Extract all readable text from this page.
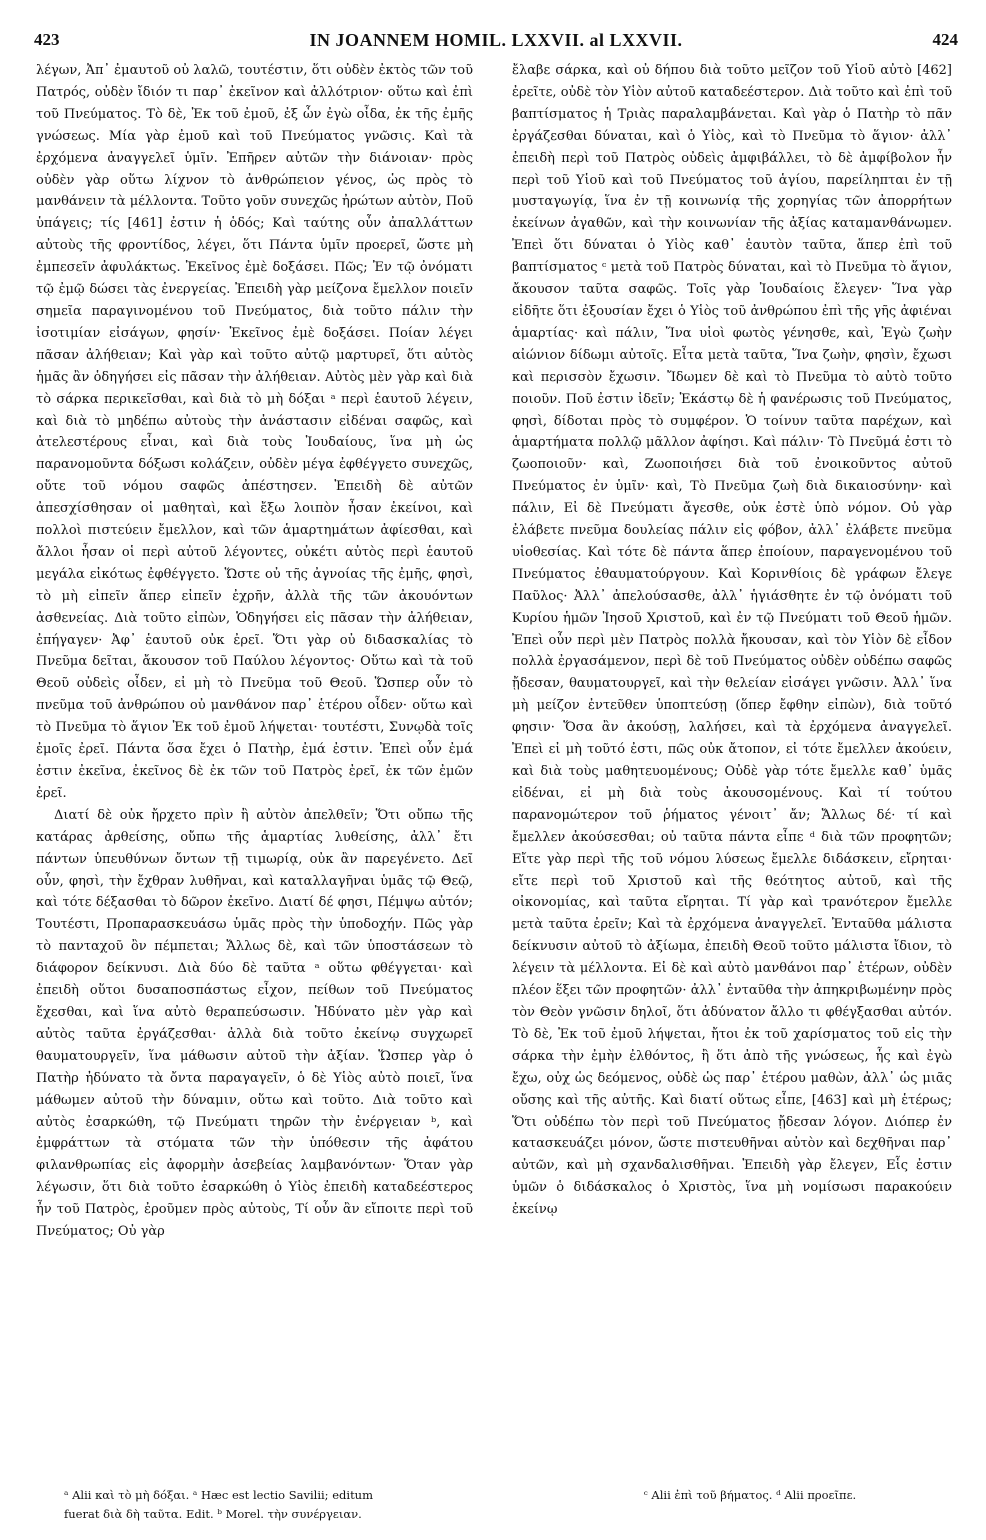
423	IN JOANNEM HOMIL. LXXVII. al LXXVII.	424

λέγων, Ἀπ᾽ ἐμαυτοῦ οὐ λαλῶ, τουτέστιν, ὅτι οὐδὲν ἐκτὸς τῶν τοῦ Πατρός, οὐδὲν ἴδιόν τι παρ᾽ ἐκεῖνον καὶ ἀλλότριον· οὕτω καὶ ἐπὶ τοῦ Πνεύματος. Τὸ δὲ, Ἐκ τοῦ ἐμοῦ, ἐξ ὧν ἐγὼ οἶδα, ἐκ τῆς ἐμῆς γνώσεως. Μία γὰρ ἐμοῦ καὶ τοῦ Πνεύματος γνῶσις. Καὶ τὰ ἐρχόμενα ἀναγγελεῖ ὑμῖν. Ἐπῆρεν αὐτῶν τὴν διάνοιαν· πρὸς οὐδὲν γὰρ οὕτω λίχνον τὸ ἀνθρώπειον γένος, ὡς πρὸς τὸ μανθάνειν τὰ μέλλοντα. Τοῦτο γοῦν συνεχῶς ἠρώτων αὐτὸν, Ποῦ ὑπάγεις; τίς [461] ἐστιν ἡ ὁδός; Καὶ ταύτης οὖν ἀπαλλάττων αὐτοὺς τῆς φροντίδος, λέγει, ὅτι Πάντα ὑμῖν προερεῖ, ὥστε μὴ ἐμπεσεῖν ἀφυλάκτως. Ἐκεῖνος ἐμὲ δοξάσει. Πῶς; Ἐν τῷ ὀνόματι τῷ ἐμῷ δώσει τὰς ἐνεργείας. Ἐπειδὴ γὰρ μείζονα ἔμελλον ποιεῖν σημεῖα παραγινομένου τοῦ Πνεύματος, διὰ τοῦτο πάλιν τὴν ἰσοτιμίαν εἰσάγων, φησίν· Ἐκεῖνος ἐμὲ δοξάσει. Ποίαν λέγει πᾶσαν ἀλήθειαν; Καὶ γὰρ καὶ τοῦτο αὐτῷ μαρτυρεῖ, ὅτι αὐτὸς ἡμᾶς ἂν ὁδηγήσει εἰς πᾶσαν τὴν ἀλήθειαν. Αὐτὸς μὲν γὰρ καὶ διὰ τὸ σάρκα περικεῖσθαι, καὶ διὰ τὸ μὴ δόξαι ᵃ περὶ ἑαυτοῦ λέγειν, καὶ διὰ τὸ μηδέπω αὐτοὺς τὴν ἀνάστασιν εἰδέναι σαφῶς, καὶ ἀτελεστέρους εἶναι, καὶ διὰ τοὺς Ἰουδαίους, ἵνα μὴ ὡς παρανομοῦντα δόξωσι κολάζειν, οὐδὲν μέγα ἐφθέγγετο συνεχῶς, οὔτε τοῦ νόμου σαφῶς ἀπέστησεν. Ἐπειδὴ δὲ αὐτῶν ἀπεσχίσθησαν οἱ μαθηταὶ, καὶ ἔξω λοιπὸν ἦσαν ἐκείνοι, καὶ πολλοὶ πιστεύειν ἔμελλον, καὶ τῶν ἁμαρτημάτων ἀφίεσθαι, καὶ ἄλλοι ἦσαν οἱ περὶ αὐτοῦ λέγοντες, οὐκέτι αὐτὸς περὶ ἑαυτοῦ μεγάλα εἰκότως ἐφθέγγετο. Ὥστε οὐ τῆς ἀγνοίας τῆς ἐμῆς, φησὶ, τὸ μὴ εἰπεῖν ἅπερ εἰπεῖν ἐχρῆν, ἀλλὰ τῆς τῶν ἀκουόντων ἀσθενείας. Διὰ τοῦτο εἰπὼν, Ὁδηγήσει εἰς πᾶσαν τὴν ἀλήθειαν, ἐπήγαγεν· Ἀφ᾽ ἑαυτοῦ οὐκ ἐρεῖ. Ὅτι γὰρ οὐ διδασκαλίας τὸ Πνεῦμα δεῖται, ἄκουσον τοῦ Παύλου λέγοντος· Οὕτω καὶ τὰ τοῦ Θεοῦ οὐδεὶς οἶδεν, εἰ μὴ τὸ Πνεῦμα τοῦ Θεοῦ. Ὥσπερ οὖν τὸ πνεῦμα τοῦ ἀνθρώπου οὐ μανθάνον παρ᾽ ἑτέρου οἶδεν· οὕτω καὶ τὸ Πνεῦμα τὸ ἅγιον Ἐκ τοῦ ἐμοῦ λήψεται· τουτέστι, Συνῳδὰ τοῖς ἐμοῖς ἐρεῖ. Πάντα ὅσα ἔχει ὁ Πατὴρ, ἐμά ἐστιν. Ἐπεὶ οὖν ἐμά ἐστιν ἐκεῖνα, ἐκεῖνος δὲ ἐκ τῶν τοῦ Πατρὸς ἐρεῖ, ἐκ τῶν ἐμῶν ἐρεῖ.

Διατί δὲ οὐκ ἤρχετο πρὶν ἢ αὐτὸν ἀπελθεῖν; Ὅτι οὔπω τῆς κατάρας ἀρθείσης, οὔπω τῆς ἁμαρτίας λυθείσης, ἀλλ᾽ ἔτι πάντων ὑπευθύνων ὄντων τῇ τιμωρίᾳ, οὐκ ἂν παρεγένετο. Δεῖ οὖν, φησὶ, τὴν ἔχθραν λυθῆναι, καὶ καταλλαγῆναι ὑμᾶς τῷ Θεῷ, καὶ τότε δέξασθαι τὸ δῶρον ἐκεῖνο. Διατί δέ φησι, Πέμψω αὐτόν; Τουτέστι, Προπαρασκευάσω ὑμᾶς πρὸς τὴν ὑποδοχήν. Πῶς γὰρ τὸ πανταχοῦ ὂν πέμπεται; Ἄλλως δὲ, καὶ τῶν ὑποστάσεων τὸ διάφορον δείκνυσι. Διὰ δύο δὲ ταῦτα ᵃ οὕτω φθέγγεται· καὶ ἐπειδὴ οὕτοι δυσαποσπάστως εἶχον, πείθων τοῦ Πνεύματος ἔχεσθαι, καὶ ἵνα αὐτὸ θεραπεύσωσιν. Ἠδύνατο μὲν γὰρ καὶ αὐτὸς ταῦτα ἐργάζεσθαι· ἀλλὰ διὰ τοῦτο ἐκείνῳ συγχωρεῖ θαυματουργεῖν, ἵνα μάθωσιν αὐτοῦ τὴν ἀξίαν. Ὥσπερ γὰρ ὁ Πατὴρ ἠδύνατο τὰ ὄντα παραγαγεῖν, ὁ δὲ Υἱὸς αὐτὸ ποιεῖ, ἵνα μάθωμεν αὐτοῦ τὴν δύναμιν, οὕτω καὶ τοῦτο. Διὰ τοῦτο καὶ αὐτὸς ἐσαρκώθη, τῷ Πνεύματι τηρῶν τὴν ἐνέργειαν ᵇ, καὶ ἐμφράττων τὰ στόματα τῶν τὴν ὑπόθεσιν τῆς ἀφάτου φιλανθρωπίας εἰς ἀφορμὴν ἀσεβείας λαμβανόντων· Ὅταν γὰρ λέγωσιν, ὅτι διὰ τοῦτο ἐσαρκώθη ὁ Υἱὸς ἐπειδὴ καταδεέστερος ἦν τοῦ Πατρὸς, ἐροῦμεν πρὸς αὐτοὺς, Τί οὖν ἂν εἴποιτε περὶ τοῦ Πνεύματος; Οὐ γὰρ

ἔλαβε σάρκα, καὶ οὐ δήπου διὰ τοῦτο μεῖζον τοῦ Υἱοῦ αὐτὸ [462] ἐρεῖτε, οὐδὲ τὸν Υἱὸν αὐτοῦ καταδεέστερον. Διὰ τοῦτο καὶ ἐπὶ τοῦ βαπτίσματος ἡ Τριὰς παραλαμβάνεται. Καὶ γὰρ ὁ Πατὴρ τὸ πᾶν ἐργάζεσθαι δύναται, καὶ ὁ Υἱὸς, καὶ τὸ Πνεῦμα τὸ ἅγιον· ἀλλ᾽ ἐπειδὴ περὶ τοῦ Πατρὸς οὐδεὶς ἀμφιβάλλει, τὸ δὲ ἀμφίβολον ἦν περὶ τοῦ Υἱοῦ καὶ τοῦ Πνεύματος τοῦ ἁγίου, παρείληπται ἐν τῇ μυσταγωγίᾳ, ἵνα ἐν τῇ κοινωνίᾳ τῆς χορηγίας τῶν ἀπορρήτων ἐκείνων ἀγαθῶν, καὶ τὴν κοινωνίαν τῆς ἀξίας καταμανθάνωμεν. Ἐπεὶ ὅτι δύναται ὁ Υἱὸς καθ᾽ ἑαυτὸν ταῦτα, ἅπερ ἐπὶ τοῦ βαπτίσματος ᶜ μετὰ τοῦ Πατρὸς δύναται, καὶ τὸ Πνεῦμα τὸ ἅγιον, ἄκουσον ταῦτα σαφῶς. Τοῖς γὰρ Ἰουδαίοις ἔλεγεν· Ἵνα γὰρ εἰδῆτε ὅτι ἐξουσίαν ἔχει ὁ Υἱὸς τοῦ ἀνθρώπου ἐπὶ τῆς γῆς ἀφιέναι ἁμαρτίας· καὶ πάλιν, Ἵνα υἱοὶ φωτὸς γένησθε, καὶ, Ἐγὼ ζωὴν αἰώνιον δίδωμι αὐτοῖς. Εἶτα μετὰ ταῦτα, Ἵνα ζωὴν, φησὶν, ἔχωσι καὶ περισσὸν ἔχωσιν. Ἴδωμεν δὲ καὶ τὸ Πνεῦμα τὸ αὐτὸ τοῦτο ποιοῦν. Ποῦ ἐστιν ἰδεῖν; Ἑκάστῳ δὲ ἡ φανέρωσις τοῦ Πνεύματος, φησὶ, δίδοται πρὸς τὸ συμφέρον. Ὁ τοίνυν ταῦτα παρέχων, καὶ ἁμαρτήματα πολλῷ μᾶλλον ἀφίησι. Καὶ πάλιν· Τὸ Πνεῦμά ἐστι τὸ ζωοποιοῦν· καὶ, Ζωοποιήσει διὰ τοῦ ἐνοικοῦντος αὐτοῦ Πνεύματος ἐν ὑμῖν· καὶ, Τὸ Πνεῦμα ζωὴ διὰ δικαιοσύνην· καὶ πάλιν, Εἰ δὲ Πνεύματι ἄγεσθε, οὐκ ἐστὲ ὑπὸ νόμον. Οὐ γὰρ ἐλάβετε πνεῦμα δουλείας πάλιν εἰς φόβον, ἀλλ᾽ ἐλάβετε πνεῦμα υἱοθεσίας. Καὶ τότε δὲ πάντα ἅπερ ἐποίουν, παραγενομένου τοῦ Πνεύματος ἐθαυματούργουν. Καὶ Κορινθίοις δὲ γράφων ἔλεγε Παῦλος· Ἀλλ᾽ ἀπελούσασθε, ἀλλ᾽ ἡγιάσθητε ἐν τῷ ὀνόματι τοῦ Κυρίου ἡμῶν Ἰησοῦ Χριστοῦ, καὶ ἐν τῷ Πνεύματι τοῦ Θεοῦ ἡμῶν. Ἐπεὶ οὖν περὶ μὲν Πατρὸς πολλὰ ἤκουσαν, καὶ τὸν Υἱὸν δὲ εἶδον πολλὰ ἐργασάμενον, περὶ δὲ τοῦ Πνεύματος οὐδὲν οὐδέπω σαφῶς ᾔδεσαν, θαυματουργεῖ, καὶ τὴν θελείαν εἰσάγει γνῶσιν. Ἀλλ᾽ ἵνα μὴ μείζον ἐντεῦθεν ὑποπτεύσῃ (ὅπερ ἔφθην εἰπὼν), διὰ τοῦτό φησιν· Ὅσα ἂν ἀκούσῃ, λαλήσει, καὶ τὰ ἐρχόμενα ἀναγγελεῖ. Ἐπεὶ εἰ μὴ τοῦτό ἐστι, πῶς οὐκ ἄτοπον, εἰ τότε ἔμελλεν ἀκούειν, καὶ διὰ τοὺς μαθητευομένους; Οὐδὲ γὰρ τότε ἔμελλε καθ᾽ ὑμᾶς εἰδέναι, εἰ μὴ διὰ τοὺς ἀκουσομένους. Καὶ τί τούτου παρανομώτερον τοῦ ῥήματος γένοιτ᾽ ἄν; Ἄλλως δέ· τί καὶ ἔμελλεν ἀκούσεσθαι; οὐ ταῦτα πάντα εἶπε ᵈ διὰ τῶν προφητῶν; Εἴτε γὰρ περὶ τῆς τοῦ νόμου λύσεως ἔμελλε διδάσκειν, εἴρηται· εἴτε περὶ τοῦ Χριστοῦ καὶ τῆς θεότητος αὐτοῦ, καὶ τῆς οἰκονομίας, καὶ ταῦτα εἴρηται. Τί γὰρ καὶ τρανότερον ἔμελλε μετὰ ταῦτα ἐρεῖν; Καὶ τὰ ἐρχόμενα ἀναγγελεῖ. Ἐνταῦθα μάλιστα δείκνυσιν αὐτοῦ τὸ ἀξίωμα, ἐπειδὴ Θεοῦ τοῦτο μάλιστα ἴδιον, τὸ λέγειν τὰ μέλλοντα. Εἰ δὲ καὶ αὐτὸ μανθάνοι παρ᾽ ἑτέρων, οὐδὲν πλέον ἕξει τῶν προφητῶν· ἀλλ᾽ ἐνταῦθα τὴν ἀπηκριβωμένην πρὸς τὸν Θεὸν γνῶσιν δηλοῖ, ὅτι ἀδύνατον ἄλλο τι φθέγξασθαι αὐτόν. Τὸ δὲ, Ἐκ τοῦ ἐμοῦ λήψεται, ἤτοι ἐκ τοῦ χαρίσματος τοῦ εἰς τὴν σάρκα τὴν ἐμὴν ἐλθόντος, ἢ ὅτι ἀπὸ τῆς γνώσεως, ἧς καὶ ἐγὼ ἔχω, οὐχ ὡς δεόμενος, οὐδὲ ὡς παρ᾽ ἑτέρου μαθὼν, ἀλλ᾽ ὡς μιᾶς οὔσης καὶ τῆς αὐτῆς. Καὶ διατί οὕτως εἶπε, [463] καὶ μὴ ἑτέρως; Ὅτι οὐδέπω τὸν περὶ τοῦ Πνεύματος ᾔδεσαν λόγον. Διόπερ ἐν κατασκευάζει μόνον, ὥστε πιστευθῆναι αὐτὸν καὶ δεχθῆναι παρ᾽ αὐτῶν, καὶ μὴ σχανδαλισθῆναι. Ἐπειδὴ γὰρ ἔλεγεν, Εἷς ἐστιν ὑμῶν ὁ διδάσκαλος ὁ Χριστὸς, ἵνα μὴ νομίσωσι παρακούειν ἐκείνῳ

ᵃ Alii καὶ τὸ μὴ δόξαι. ᵃ Hæc est lectio Savilii; editum
fuerat διὰ δὴ ταῦτα. Edit. ᵇ Morel. τὴν συνέργειαν.
ᶜ Alii ἐπὶ τοῦ βήματος. ᵈ Alii προεῖπε.
